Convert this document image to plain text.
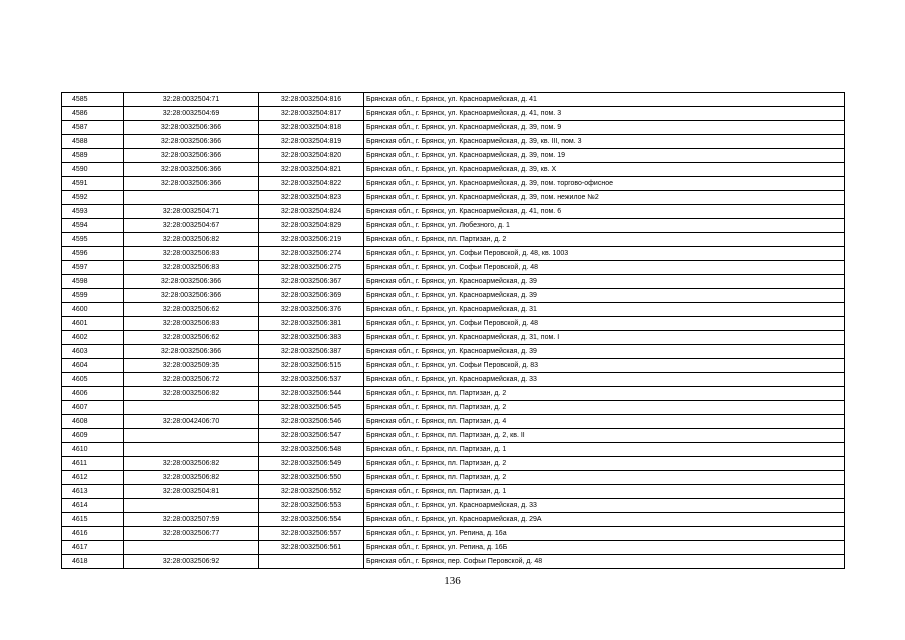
4585	32:28:0032504:71	32:28:0032504:816	Брянская обл., г. Брянск, ул. Красноармейская, д. 41
4586	32:28:0032504:69	32:28:0032504:817	Брянская обл., г. Брянск, ул. Красноармейская, д. 41, пом. 3
4587	32:28:0032506:366	32:28:0032504:818	Брянская обл., г. Брянск, ул. Красноармейская, д. 39, пом. 9
4588	32:28:0032506:366	32:28:0032504:819	Брянская обл., г. Брянск, ул. Красноармейская, д. 39, кв. III, пом. 3
4589	32:28:0032506:366	32:28:0032504:820	Брянская обл., г. Брянск, ул. Красноармейская, д. 39, пом. 19
4590	32:28:0032506:366	32:28:0032504:821	Брянская обл., г. Брянск, ул. Красноармейская, д. 39, кв. X
4591	32:28:0032506:366	32:28:0032504:822	Брянская обл., г. Брянск, ул. Красноармейская, д. 39, пом. торгово-офисное
4592		32:28:0032504:823	Брянская обл., г. Брянск, ул. Красноармейская, д. 39, пом. нежилое №2
4593	32:28:0032504:71	32:28:0032504:824	Брянская обл., г. Брянск, ул. Красноармейская, д. 41, пом. 6
4594	32:28:0032504:67	32:28:0032504:829	Брянская обл., г. Брянск, ул. Любезного, д. 1
4595	32:28:0032506:82	32:28:0032506:219	Брянская обл., г. Брянск, пл. Партизан, д. 2
4596	32:28:0032506:83	32:28:0032506:274	Брянская обл., г. Брянск, ул. Софьи Перовской, д. 48, кв. 1003
4597	32:28:0032506:83	32:28:0032506:275	Брянская обл., г. Брянск, ул. Софьи Перовской, д. 48
4598	32:28:0032506:366	32:28:0032506:367	Брянская обл., г. Брянск, ул. Красноармейская, д. 39
4599	32:28:0032506:366	32:28:0032506:369	Брянская обл., г. Брянск, ул. Красноармейская, д. 39
4600	32:28:0032506:62	32:28:0032506:376	Брянская обл., г. Брянск, ул. Красноармейская, д. 31
4601	32:28:0032506:83	32:28:0032506:381	Брянская обл., г. Брянск, ул. Софьи Перовской, д. 48
4602	32:28:0032506:62	32:28:0032506:383	Брянская обл., г. Брянск, ул. Красноармейская, д. 31, пом. I
4603	32:28:0032506:366	32:28:0032506:387	Брянская обл., г. Брянск, ул. Красноармейская, д. 39
4604	32:28:0032509:35	32:28:0032506:515	Брянская обл., г. Брянск, ул. Софьи Перовской, д. 83
4605	32:28:0032506:72	32:28:0032506:537	Брянская обл., г. Брянск, ул. Красноармейская, д. 33
4606	32:28:0032506:82	32:28:0032506:544	Брянская обл., г. Брянск, пл. Партизан, д. 2
4607		32:28:0032506:545	Брянская обл., г. Брянск, пл. Партизан, д. 2
4608	32:28:0042406:70	32:28:0032506:546	Брянская обл., г. Брянск, пл. Партизан, д. 4
4609		32:28:0032506:547	Брянская обл., г. Брянск, пл. Партизан, д. 2, кв. II
4610		32:28:0032506:548	Брянская обл., г. Брянск, пл. Партизан, д. 1
4611	32:28:0032506:82	32:28:0032506:549	Брянская обл., г. Брянск, пл. Партизан, д. 2
4612	32:28:0032506:82	32:28:0032506:550	Брянская обл., г. Брянск, пл. Партизан, д. 2
4613	32:28:0032504:81	32:28:0032506:552	Брянская обл., г. Брянск, пл. Партизан, д. 1
4614		32:28:0032506:553	Брянская обл., г. Брянск, ул. Красноармейская, д. 33
4615	32:28:0032507:59	32:28:0032506:554	Брянская обл., г. Брянск, ул. Красноармейская, д. 29А
4616	32:28:0032506:77	32:28:0032506:557	Брянская обл., г. Брянск, ул. Репина, д. 16а
4617		32:28:0032506:561	Брянская обл., г. Брянск, ул. Репина, д. 16Б
4618	32:28:0032506:92		Брянская обл., г. Брянск, пер. Софьи Перовской, д. 48
136
